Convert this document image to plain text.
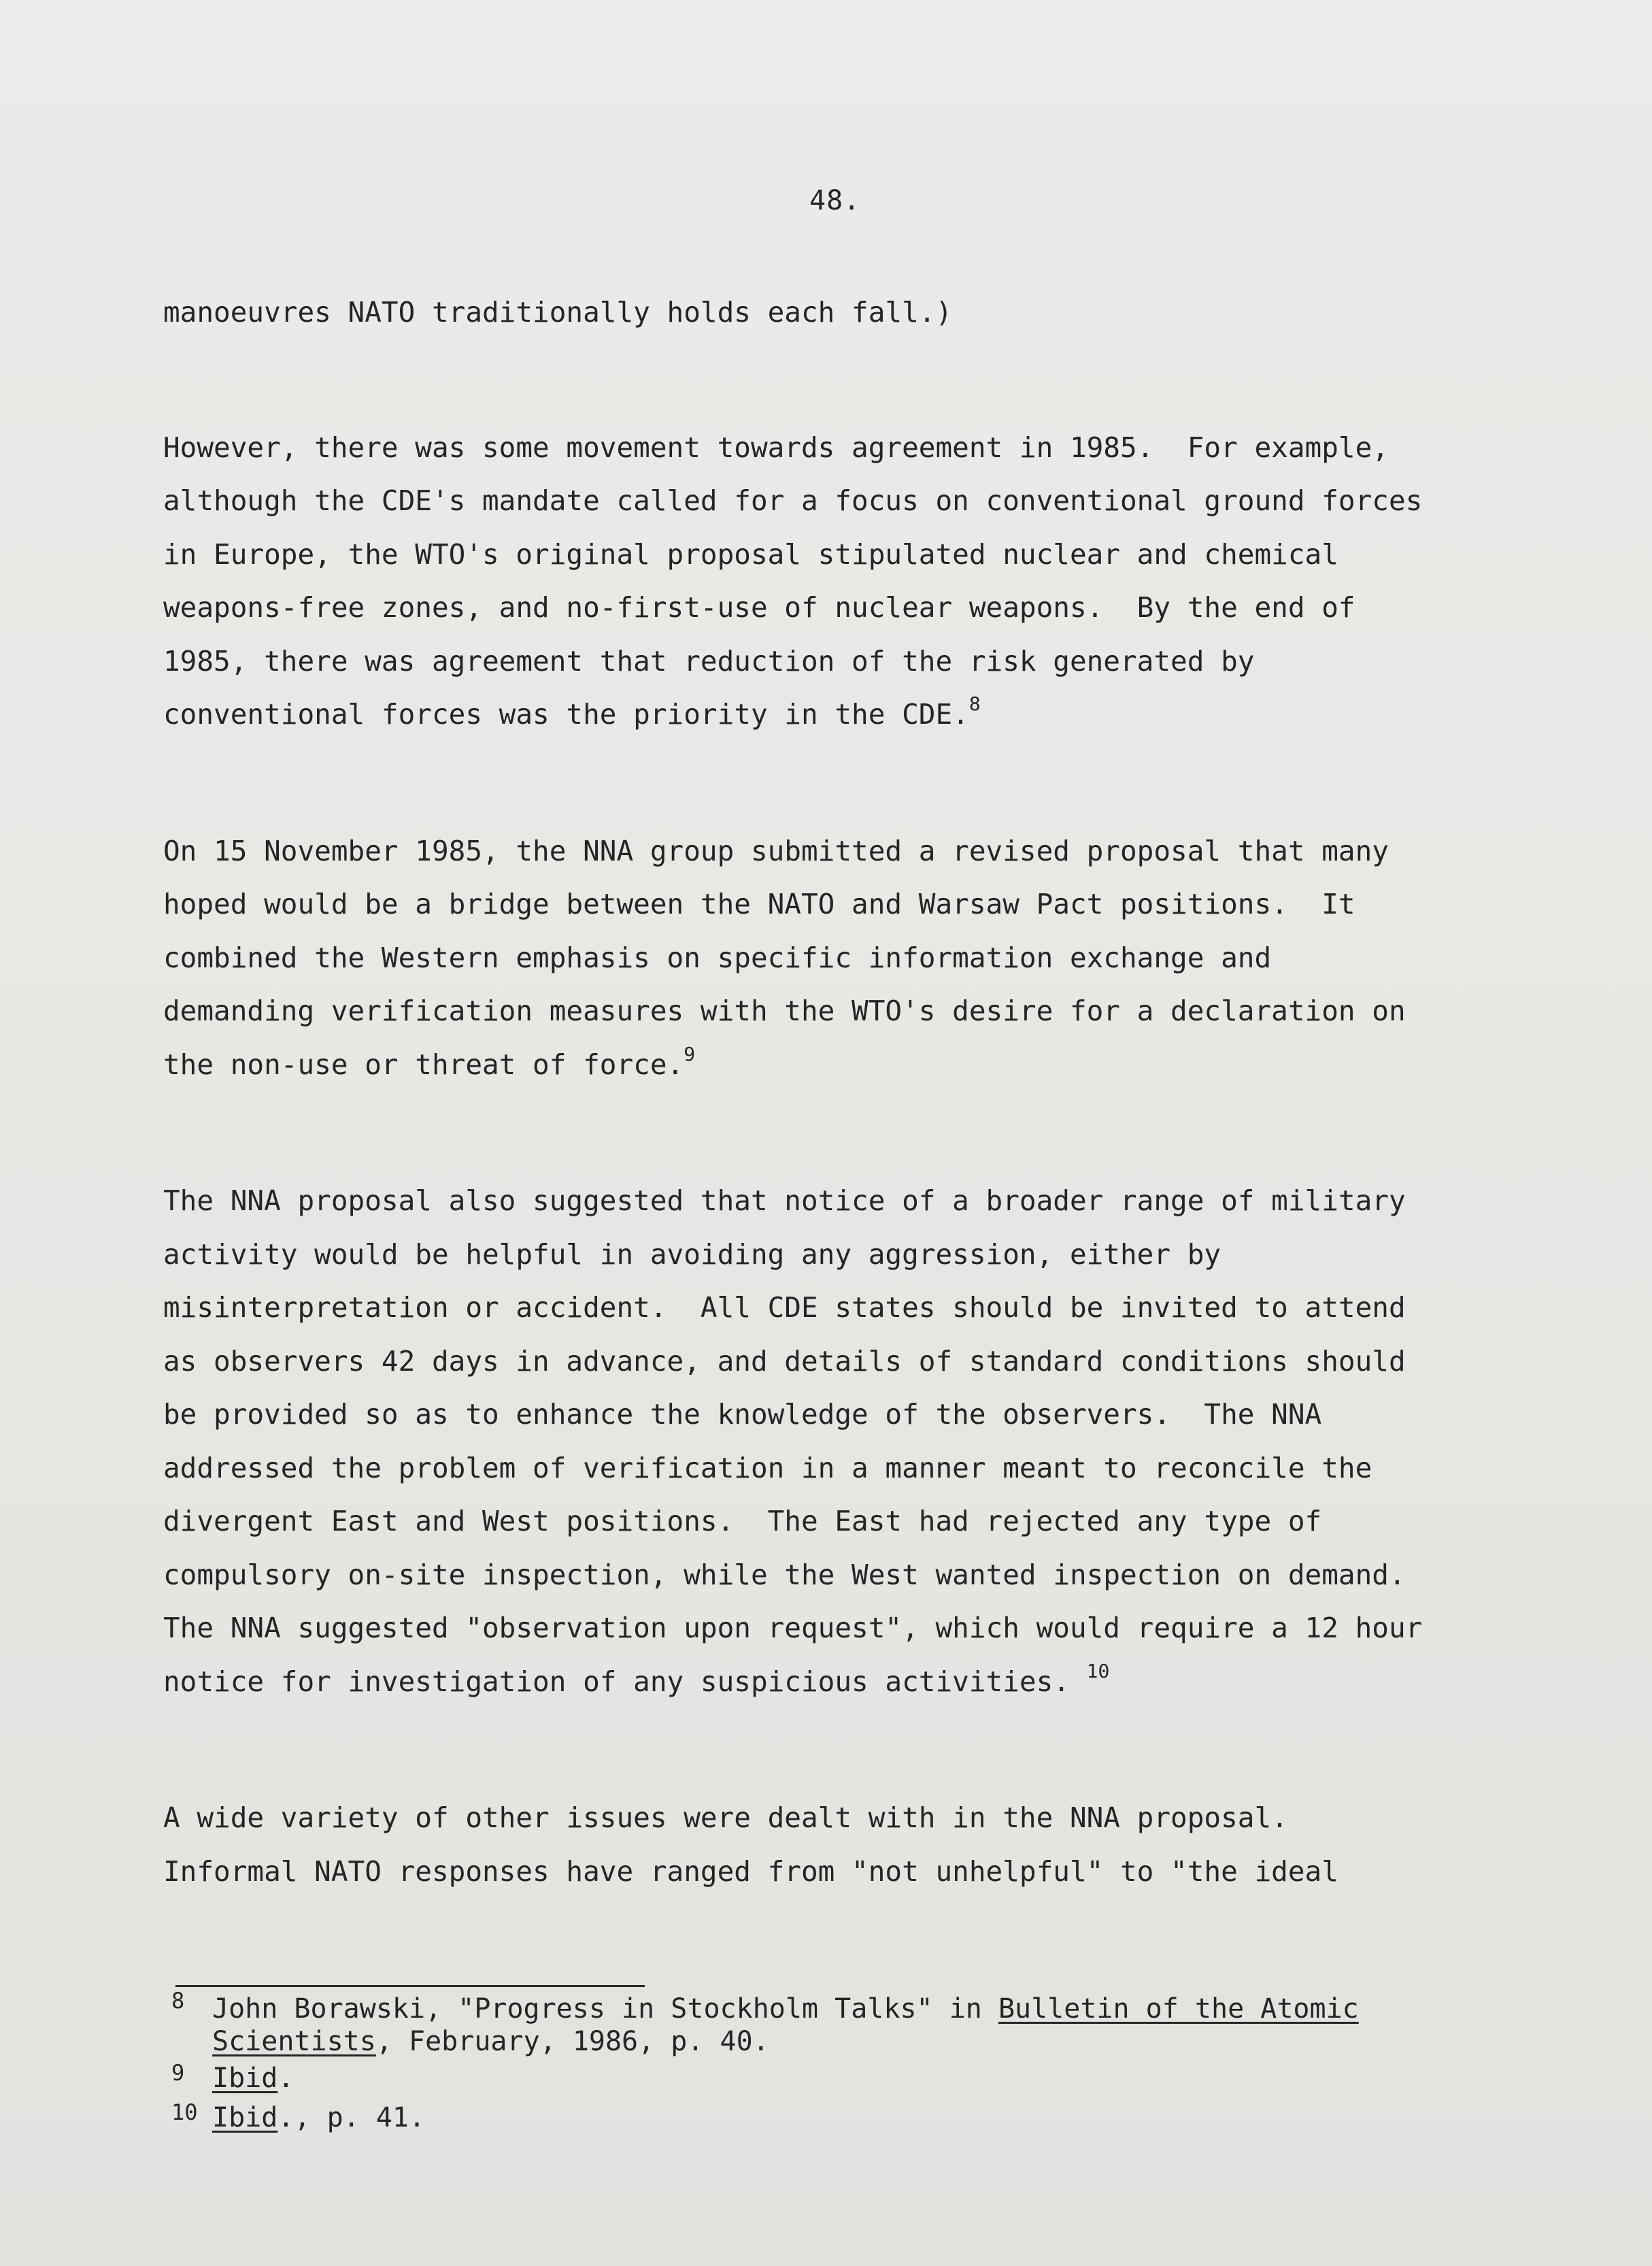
48.
manoeuvres NATO traditionally holds each fall.)
However, there was some movement towards agreement in 1985.  For example,
although the CDE's mandate called for a focus on conventional ground forces
in Europe, the WTO's original proposal stipulated nuclear and chemical
weapons-free zones, and no-first-use of nuclear weapons.  By the end of
1985, there was agreement that reduction of the risk generated by
conventional forces was the priority in the CDE.$^8$
On 15 November 1985, the NNA group submitted a revised proposal that many
hoped would be a bridge between the NATO and Warsaw Pact positions.  It
combined the Western emphasis on specific information exchange and
demanding verification measures with the WTO's desire for a declaration on
the non-use or threat of force.$^9$
The NNA proposal also suggested that notice of a broader range of military
activity would be helpful in avoiding any aggression, either by
misinterpretation or accident.  All CDE states should be invited to attend
as observers 42 days in advance, and details of standard conditions should
be provided so as to enhance the knowledge of the observers.  The NNA
addressed the problem of verification in a manner meant to reconcile the
divergent East and West positions.  The East had rejected any type of
compulsory on-site inspection, while the West wanted inspection on demand.
The NNA suggested "observation upon request", which would require a 12 hour
notice for investigation of any suspicious activities. $^{10}$
A wide variety of other issues were dealt with in the NNA proposal.
Informal NATO responses have ranged from "not unhelpful" to "the ideal
8 John Borawski, "Progress in Stockholm Talks" in Bulletin of the Atomic
Scientists, February, 1986, p. 40.
9 Ibid.
10 Ibid., p. 41.
